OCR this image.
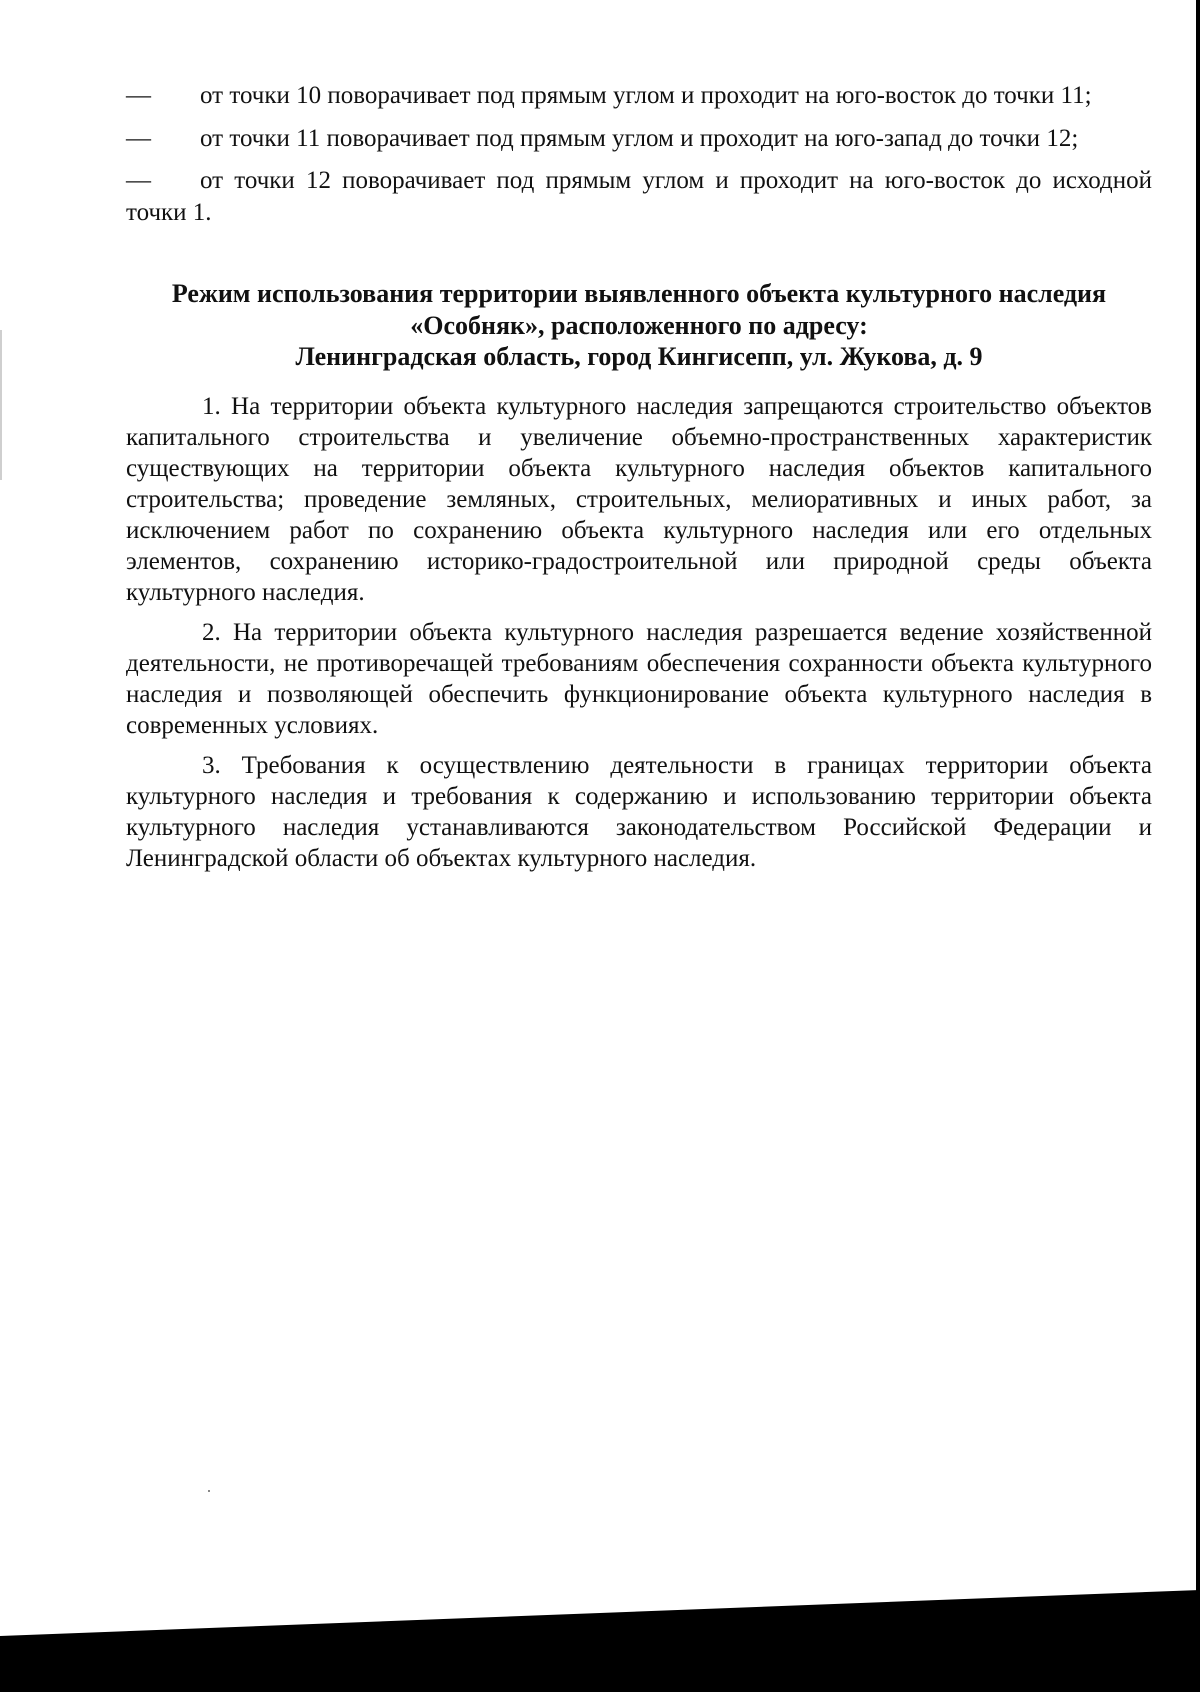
— от точки 10 поворачивает под прямым углом и проходит на юго-восток до точки 11;
— от точки 11 поворачивает под прямым углом и проходит на юго-запад до точки 12;
— от точки 12 поворачивает под прямым углом и проходит на юго-восток до исходной точки 1.
Режим использования территории выявленного объекта культурного наследия
«Особняк», расположенного по адресу:
Ленинградская область, город Кингисепп, ул. Жукова, д. 9

1. На территории объекта культурного наследия запрещаются строительство объектов капитального строительства и увеличение объемно-пространственных характеристик существующих на территории объекта культурного наследия объектов капитального строительства; проведение земляных, строительных, мелиоративных и иных работ, за исключением работ по сохранению объекта культурного наследия или его отдельных элементов, сохранению историко-градостроительной или природной среды объекта культурного наследия.

2. На территории объекта культурного наследия разрешается ведение хозяйственной деятельности, не противоречащей требованиям обеспечения сохранности объекта культурного наследия и позволяющей обеспечить функционирование объекта культурного наследия в современных условиях.

3. Требования к осуществлению деятельности в границах территории объекта культурного наследия и требования к содержанию и использованию территории объекта культурного наследия устанавливаются законодательством Российской Федерации и Ленинградской области об объектах культурного наследия.
